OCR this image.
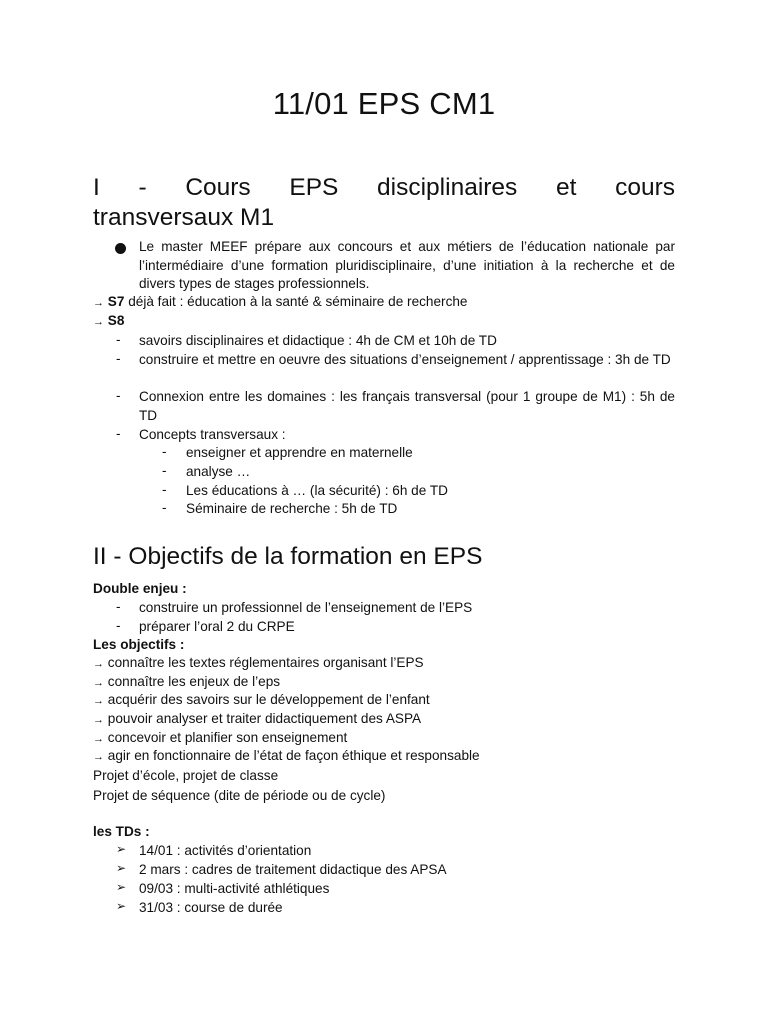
11/01 EPS CM1
I - Cours EPS disciplinaires et cours
transversaux M1
Le master MEEF prépare aux concours et aux métiers de l’éducation nationale par l’intermédiaire d’une formation pluridisciplinaire, d’une initiation à la recherche et de divers types de stages professionnels.
→ S7 déjà fait : éducation à la santé & séminaire de recherche
→ S8
- savoirs disciplinaires et didactique : 4h de CM et 10h de TD
- construire et mettre en oeuvre des situations d’enseignement / apprentissage : 3h de TD
- Connexion entre les domaines : les français transversal (pour 1 groupe de M1) : 5h de TD
- Concepts transversaux :
- enseigner et apprendre en maternelle
- analyse …
- Les éducations à … (la sécurité) : 6h de TD
- Séminaire de recherche : 5h de TD
II - Objectifs de la formation en EPS
Double enjeu :
- construire un professionnel de l’enseignement de l’EPS
- préparer l’oral 2 du CRPE
Les objectifs :
→ connaître les textes réglementaires organisant l’EPS
→ connaître les enjeux de l’eps
→ acquérir des savoirs sur le développement de l’enfant
→ pouvoir analyser et traiter didactiquement des ASPA
→ concevoir et planifier son enseignement
→ agir en fonctionnaire de l’état de façon éthique et responsable
Projet d’école, projet de classe
Projet de séquence (dite de période ou de cycle)
les TDs :
➢ 14/01 : activités d’orientation
➢ 2 mars : cadres de traitement didactique des APSA
➢ 09/03 : multi-activité athlétiques
➢ 31/03 : course de durée
